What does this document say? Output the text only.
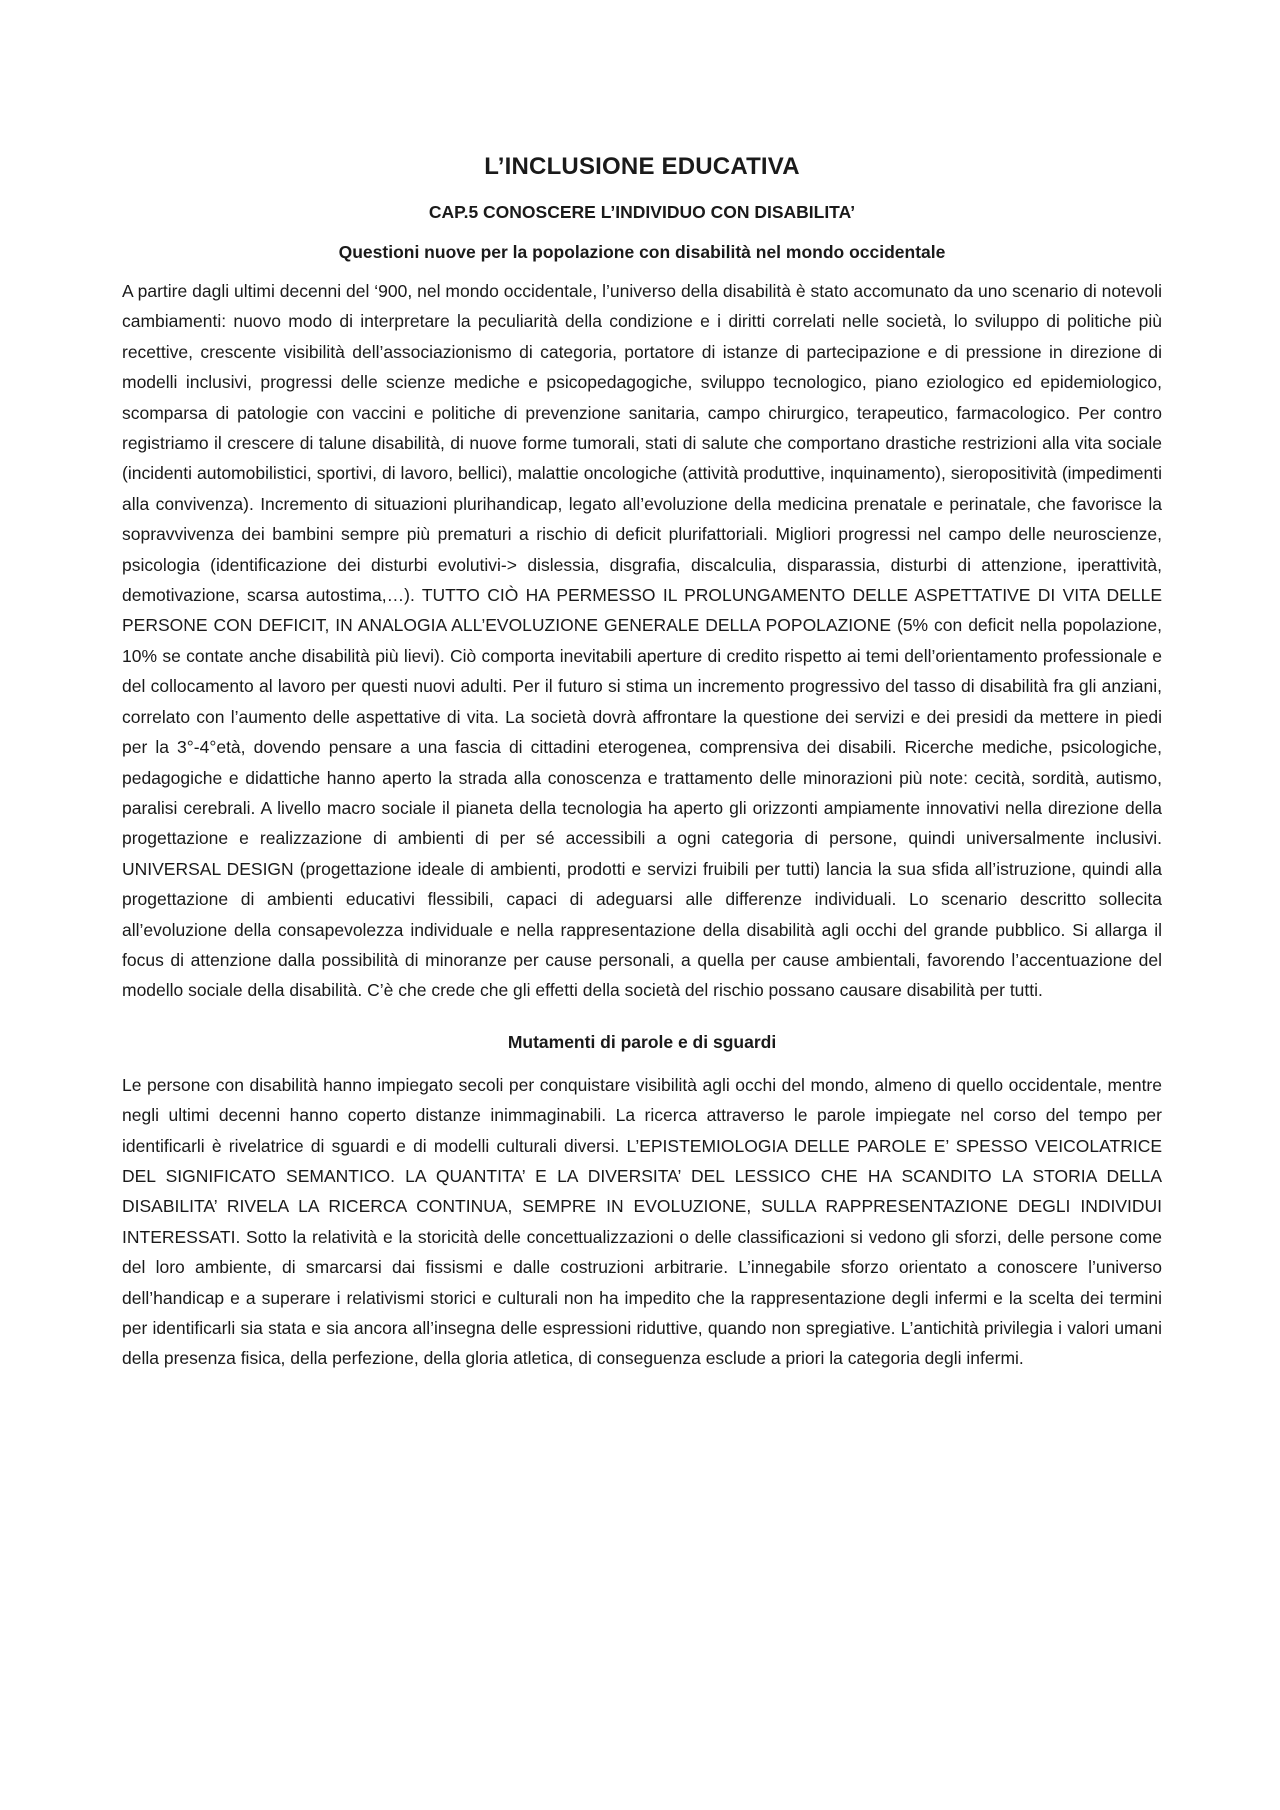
L’INCLUSIONE EDUCATIVA
CAP.5 CONOSCERE L’INDIVIDUO CON DISABILITA’
Questioni nuove per la popolazione con disabilità nel mondo occidentale

A partire dagli ultimi decenni del ‘900, nel mondo occidentale, l’universo della disabilità è stato accomunato da uno scenario di notevoli cambiamenti: nuovo modo di interpretare la peculiarità della condizione e i diritti correlati nelle società, lo sviluppo di politiche più recettive, crescente visibilità dell’associazionismo di categoria, portatore di istanze di partecipazione e di pressione in direzione di modelli inclusivi, progressi delle scienze mediche e psicopedagogiche, sviluppo tecnologico, piano eziologico ed epidemiologico, scomparsa di patologie con vaccini e politiche di prevenzione sanitaria, campo chirurgico, terapeutico, farmacologico. Per contro registriamo il crescere di talune disabilità, di nuove forme tumorali, stati di salute che comportano drastiche restrizioni alla vita sociale (incidenti automobilistici, sportivi, di lavoro, bellici), malattie oncologiche (attività produttive, inquinamento), sieropositività (impedimenti alla convivenza). Incremento di situazioni plurihandicap, legato all’evoluzione della medicina prenatale e perinatale, che favorisce la sopravvivenza dei bambini sempre più prematuri a rischio di deficit plurifattoriali. Migliori progressi nel campo delle neuroscienze, psicologia (identificazione dei disturbi evolutivi-> dislessia, disgrafia, discalculia, disparassia, disturbi di attenzione, iperattività, demotivazione, scarsa autostima,…). TUTTO CIÒ HA PERMESSO IL PROLUNGAMENTO DELLE ASPETTATIVE DI VITA DELLE PERSONE CON DEFICIT, IN ANALOGIA ALL’EVOLUZIONE GENERALE DELLA POPOLAZIONE (5% con deficit nella popolazione, 10% se contate anche disabilità più lievi). Ciò comporta inevitabili aperture di credito rispetto ai temi dell’orientamento professionale e del collocamento al lavoro per questi nuovi adulti. Per il futuro si stima un incremento progressivo del tasso di disabilità fra gli anziani, correlato con l’aumento delle aspettative di vita. La società dovrà affrontare la questione dei servizi e dei presidi da mettere in piedi per la 3°-4°età, dovendo pensare a una fascia di cittadini eterogenea, comprensiva dei disabili. Ricerche mediche, psicologiche, pedagogiche e didattiche hanno aperto la strada alla conoscenza e trattamento delle minorazioni più note: cecità, sordità, autismo, paralisi cerebrali. A livello macro sociale il pianeta della tecnologia ha aperto gli orizzonti ampiamente innovativi nella direzione della progettazione e realizzazione di ambienti di per sé accessibili a ogni categoria di persone, quindi universalmente inclusivi. UNIVERSAL DESIGN (progettazione ideale di ambienti, prodotti e servizi fruibili per tutti) lancia la sua sfida all’istruzione, quindi alla progettazione di ambienti educativi flessibili, capaci di adeguarsi alle differenze individuali. Lo scenario descritto sollecita all’evoluzione della consapevolezza individuale e nella rappresentazione della disabilità agli occhi del grande pubblico. Si allarga il focus di attenzione dalla possibilità di minoranze per cause personali, a quella per cause ambientali, favorendo l’accentuazione del modello sociale della disabilità. C’è che crede che gli effetti della società del rischio possano causare disabilità per tutti.

Mutamenti di parole e di sguardi

Le persone con disabilità hanno impiegato secoli per conquistare visibilità agli occhi del mondo, almeno di quello occidentale, mentre negli ultimi decenni hanno coperto distanze inimmaginabili. La ricerca attraverso le parole impiegate nel corso del tempo per identificarli è rivelatrice di sguardi e di modelli culturali diversi. L’EPISTEMIOLOGIA DELLE PAROLE E’ SPESSO VEICOLATRICE DEL SIGNIFICATO SEMANTICO. LA QUANTITA’ E LA DIVERSITA’ DEL LESSICO CHE HA SCANDITO LA STORIA DELLA DISABILITA’ RIVELA LA RICERCA CONTINUA, SEMPRE IN EVOLUZIONE, SULLA RAPPRESENTAZIONE DEGLI INDIVIDUI INTERESSATI. Sotto la relatività e la storicità delle concettualizzazioni o delle classificazioni si vedono gli sforzi, delle persone come del loro ambiente, di smarcarsi dai fissismi e dalle costruzioni arbitrarie. L’innegabile sforzo orientato a conoscere l’universo dell’handicap e a superare i relativismi storici e culturali non ha impedito che la rappresentazione degli infermi e la scelta dei termini per identificarli sia stata e sia ancora all’insegna delle espressioni riduttive, quando non spregiative. L’antichità privilegia i valori umani della presenza fisica, della perfezione, della gloria atletica, di conseguenza esclude a priori la categoria degli infermi.
